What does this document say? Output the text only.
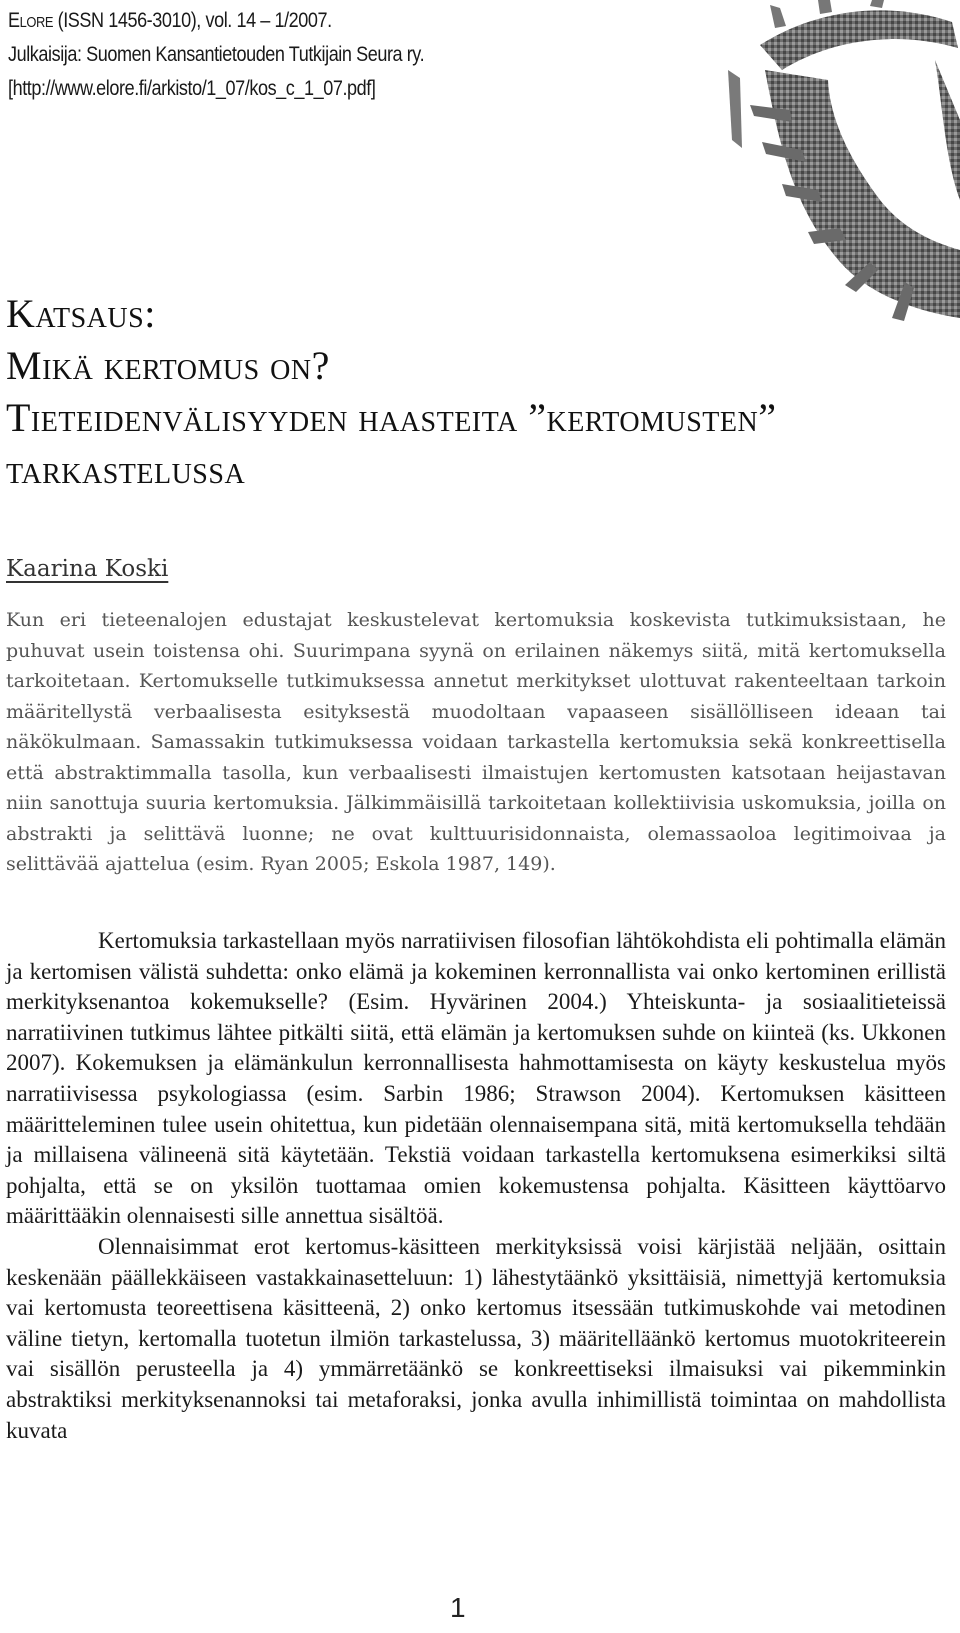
Elore (ISSN 1456-3010), vol. 14 – 1/2007.
Julkaisija: Suomen Kansantietouden Tutkijain Seura ry.
[http://www.elore.fi/arkisto/1_07/kos_c_1_07.pdf]
Katsaus:
Mikä kertomus on?
Tieteidenvälisyyden haasteita ”kertomusten”
tarkastelussa
Kaarina Koski

Kun eri tieteenalojen edustajat keskustelevat kertomuksia koskevista tutkimuksistaan, he puhuvat usein toistensa ohi. Suurimpana syynä on erilainen näkemys siitä, mitä kertomuksella tarkoitetaan. Kertomukselle tutkimuksessa annetut merkitykset ulottuvat rakenteeltaan tarkoin määritellystä verbaalisesta esityksestä muodoltaan vapaaseen sisällölliseen ideaan tai näkökulmaan. Samassakin tutkimuksessa voidaan tarkastella kertomuksia sekä konkreettisella että abstraktimmalla tasolla, kun verbaalisesti ilmaistujen kertomusten katsotaan heijastavan niin sanottuja suuria kertomuksia. Jälkimmäisillä tarkoitetaan kollektiivisia uskomuksia, joilla on abstrakti ja selittävä luonne; ne ovat kulttuurisidonnaista, olemassaoloa legitimoivaa ja selittävää ajattelua (esim. Ryan 2005; Eskola 1987, 149).

Kertomuksia tarkastellaan myös narratiivisen filosofian lähtökohdista eli pohtimalla elämän ja kertomisen välistä suhdetta: onko elämä ja kokeminen kerronnallista vai onko kertominen erillistä merkityksenantoa kokemukselle? (Esim. Hyvärinen 2004.) Yhteiskunta- ja sosiaalitieteissä narratiivinen tutkimus lähtee pitkälti siitä, että elämän ja kertomuksen suhde on kiinteä (ks. Ukkonen 2007). Kokemuksen ja elämänkulun kerronnallisesta hahmottamisesta on käyty keskustelua myös narratiivisessa psykologiassa (esim. Sarbin 1986; Strawson 2004). Kertomuksen käsitteen määritteleminen tulee usein ohitettua, kun pidetään olennaisempana sitä, mitä kertomuksella tehdään ja millaisena välineenä sitä käytetään. Tekstiä voidaan tarkastella kertomuksena esimerkiksi siltä pohjalta, että se on yksilön tuottamaa omien kokemustensa pohjalta. Käsitteen käyttöarvo määrittääkin olennaisesti sille annettua sisältöä.

Olennaisimmat erot kertomus-käsitteen merkityksissä voisi kärjistää neljään, osittain keskenään päällekkäiseen vastakkainasetteluun: 1) lähestytäänkö yksittäisiä, nimettyjä kertomuksia vai kertomusta teoreettisena käsitteenä, 2) onko kertomus itsessään tutkimuskohde vai metodinen väline tietyn, kertomalla tuotetun ilmiön tarkastelussa, 3) määritelläänkö kertomus muotokriteerein vai sisällön perusteella ja 4) ymmärretäänkö se konkreettiseksi ilmaisuksi vai pikemminkin abstraktiksi merkityksenannoksi tai metaforaksi, jonka avulla inhimillistä toimintaa on mahdollista kuvata

1
